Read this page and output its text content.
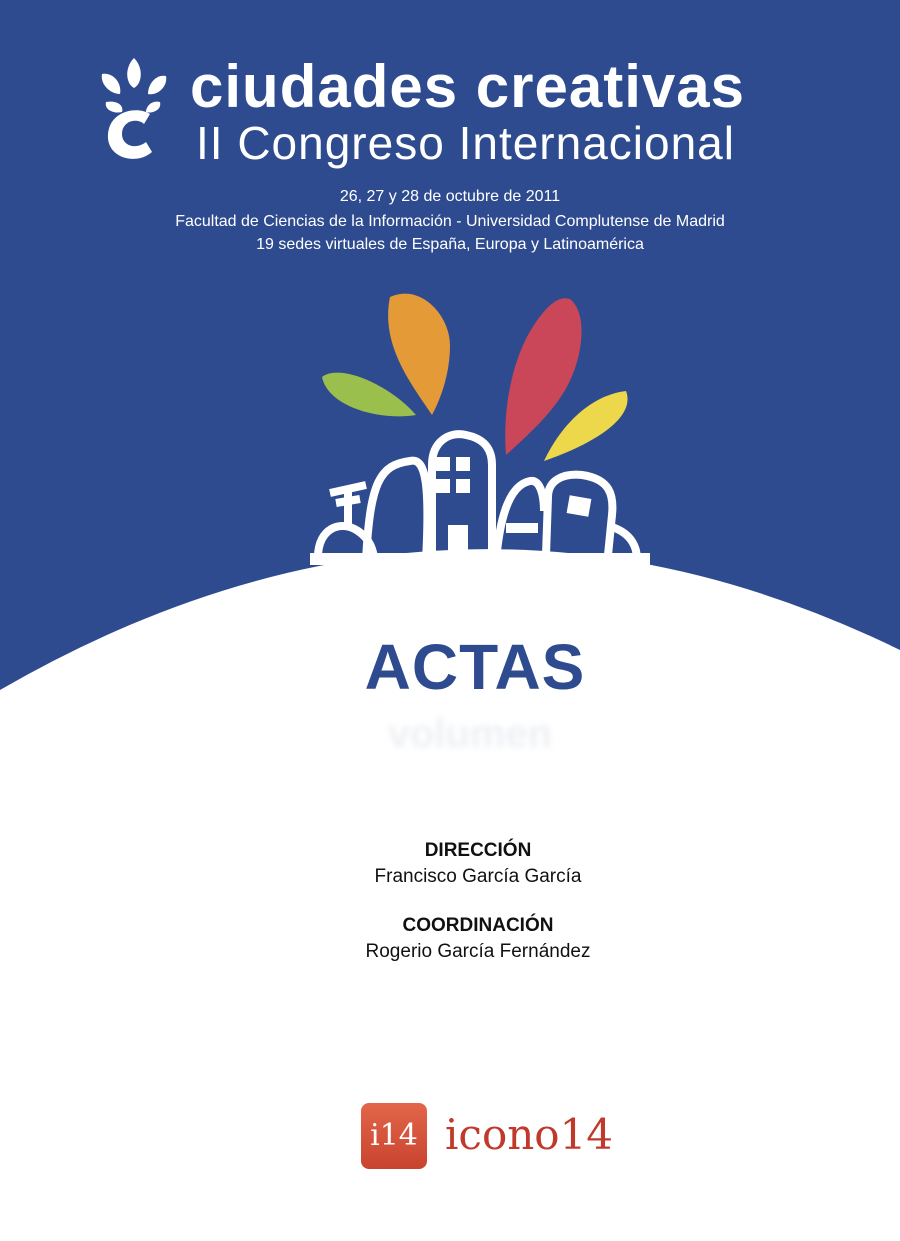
ciudades creativas
II Congreso Internacional
26, 27 y 28 de octubre de 2011
Facultad de Ciencias de la Información - Universidad Complutense de Madrid
19 sedes virtuales de España, Europa y Latinoamérica
ACTAS
volumen
DIRECCIÓN
Francisco García García
COORDINACIÓN
Rogerio García Fernández
i14 icono14
